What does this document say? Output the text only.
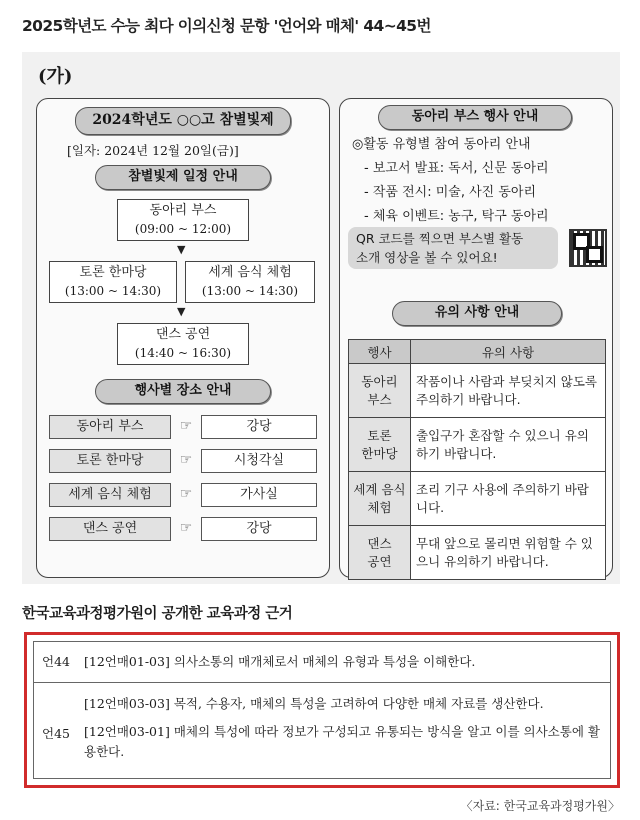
2025학년도 수능 최다 이의신청 문항 '언어와 매체' 44~45번
(가)
2024학년도 ○○고 참별빛제
[일자: 2024년 12월 20일(금)]
참별빛제 일정 안내
동아리 부스
(09:00 ~ 12:00)
▼
토론 한마당
(13:00 ~ 14:30)
세계 음식 체험
(13:00 ~ 14:30)
▼
댄스 공연
(14:40 ~ 16:30)
행사별 장소 안내
동아리 부스	☞	강당
토론 한마당	☞	시청각실
세계 음식 체험	☞	가사실
댄스 공연	☞	강당
동아리 부스 행사 안내
◎활동 유형별 참여 동아리 안내
- 보고서 발표: 독서, 신문 동아리
- 작품 전시: 미술, 사진 동아리
- 체육 이벤트: 농구, 탁구 동아리
QR 코드를 찍으면 부스별 활동
소개 영상을 볼 수 있어요!
유의 사항 안내
행사	유의 사항

동아리
부스	작품이나 사람과 부딪치지 않도록 주의하기 바랍니다.

토론
한마당	출입구가 혼잡할 수 있으니 유의하기 바랍니다.

세계 음식
체험	조리 기구 사용에 주의하기 바랍니다.

댄스
공연	무대 앞으로 몰리면 위험할 수 있으니 유의하기 바랍니다.
한국교육과정평가원이 공개한 교육과정 근거
언44	[12언매01-03] 의사소통의 매개체로서 매체의 유형과 특성을 이해한다.
언45
[12언매03-03] 목적, 수용자, 매체의 특성을 고려하여 다양한 매체 자료를 생산한다.
[12언매03-01] 매체의 특성에 따라 정보가 구성되고 유통되는 방식을 알고 이를 의사소통에 활용한다.
〈자료: 한국교육과정평가원〉
